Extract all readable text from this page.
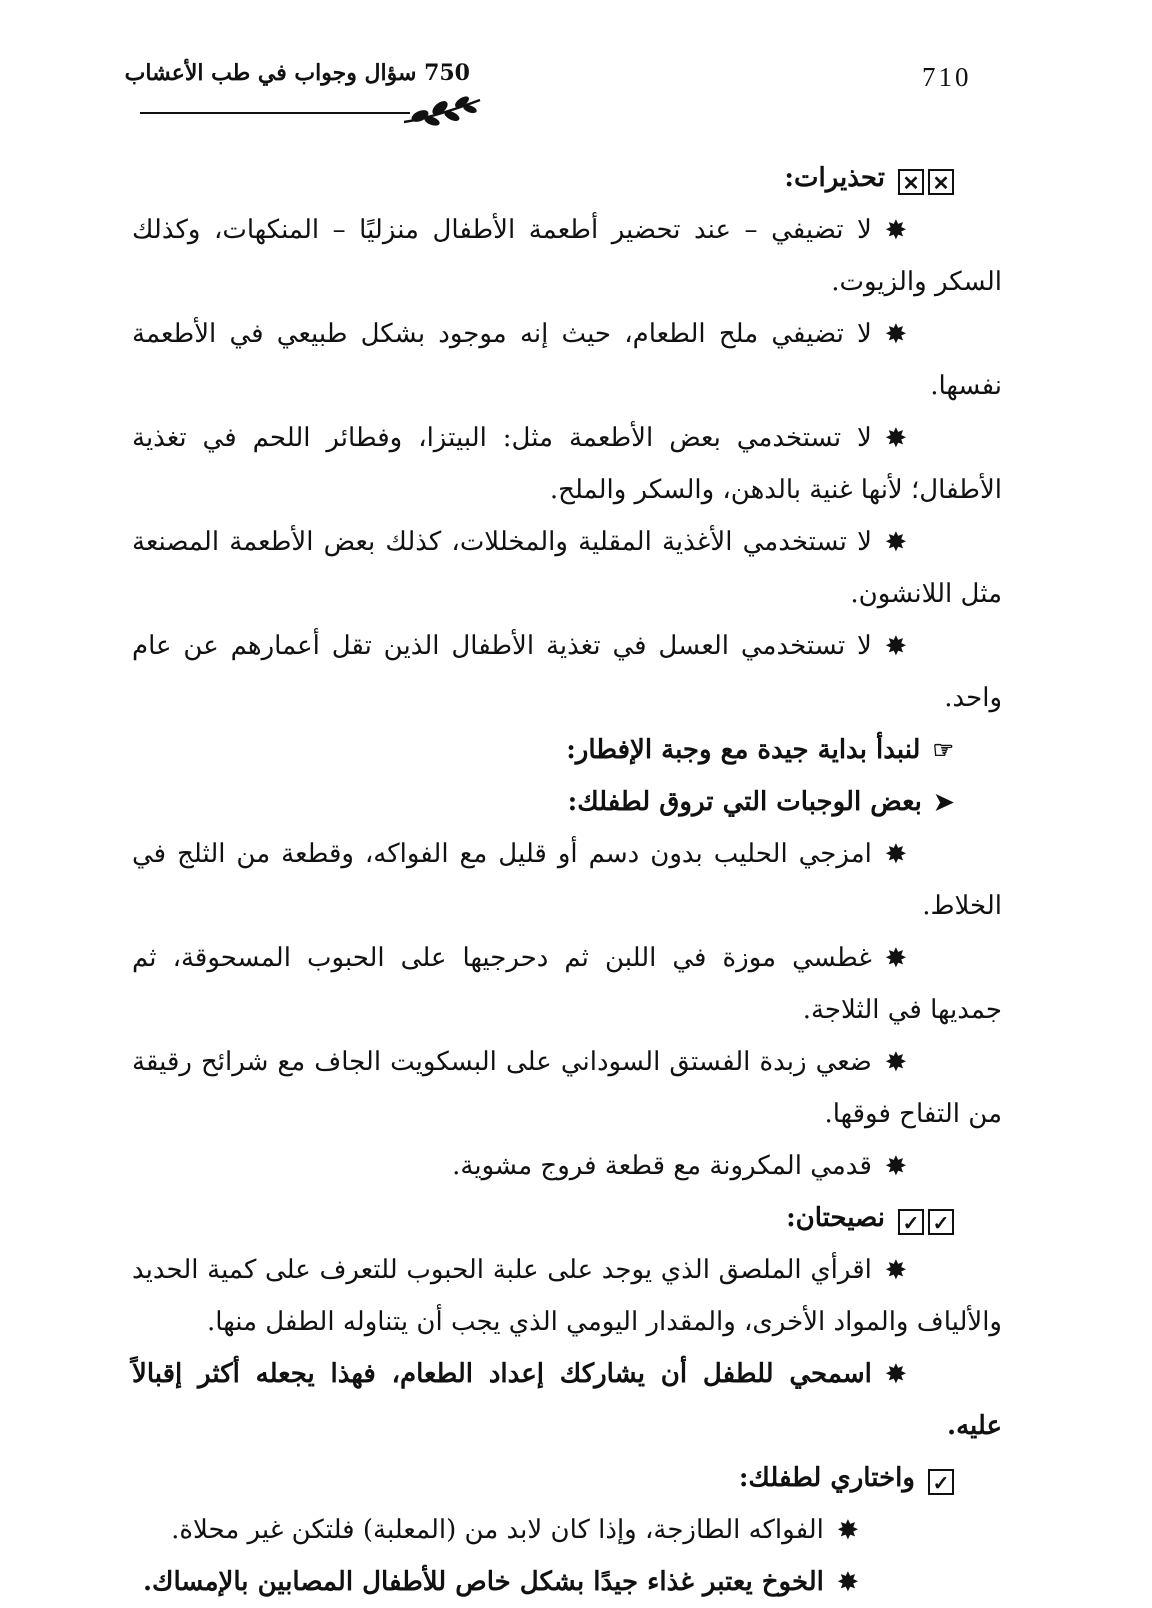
710
750 سؤال وجواب في طب الأعشاب

✕✕ تحذيرات:

✸لا تضيفي – عند تحضير أطعمة الأطفال منزليًا – المنكهات، وكذلك السكر والزيوت.

✸لا تضيفي ملح الطعام، حيث إنه موجود بشكل طبيعي في الأطعمة نفسها.

✸لا تستخدمي بعض الأطعمة مثل: البيتزا، وفطائر اللحم في تغذية الأطفال؛ لأنها غنية بالدهن، والسكر والملح.

✸لا تستخدمي الأغذية المقلية والمخللات، كذلك بعض الأطعمة المصنعة مثل اللانشون.

✸لا تستخدمي العسل في تغذية الأطفال الذين تقل أعمارهم عن عام واحد.

☞لنبدأ بداية جيدة مع وجبة الإفطار:

➤بعض الوجبات التي تروق لطفلك:

✸امزجي الحليب بدون دسم أو قليل مع الفواكه، وقطعة من الثلج في الخلاط.

✸غطسي موزة في اللبن ثم دحرجيها على الحبوب المسحوقة، ثم جمديها في الثلاجة.

✸ضعي زبدة الفستق السوداني على البسكويت الجاف مع شرائح رقيقة من التفاح فوقها.

✸قدمي المكرونة مع قطعة فروج مشوية.

✓✓ نصيحتان:

✸اقرأي الملصق الذي يوجد على علبة الحبوب للتعرف على كمية الحديد والألياف والمواد الأخرى، والمقدار اليومي الذي يجب أن يتناوله الطفل منها.

✸اسمحي للطفل أن يشاركك إعداد الطعام، فهذا يجعله أكثر إقبالاً عليه.

✓ واختاري لطفلك:

✸الفواكه الطازجة، وإذا كان لابد من (المعلبة) فلتكن غير محلاة.

✸الخوخ يعتبر غذاء جيدًا بشكل خاص للأطفال المصابين بالإمساك.
